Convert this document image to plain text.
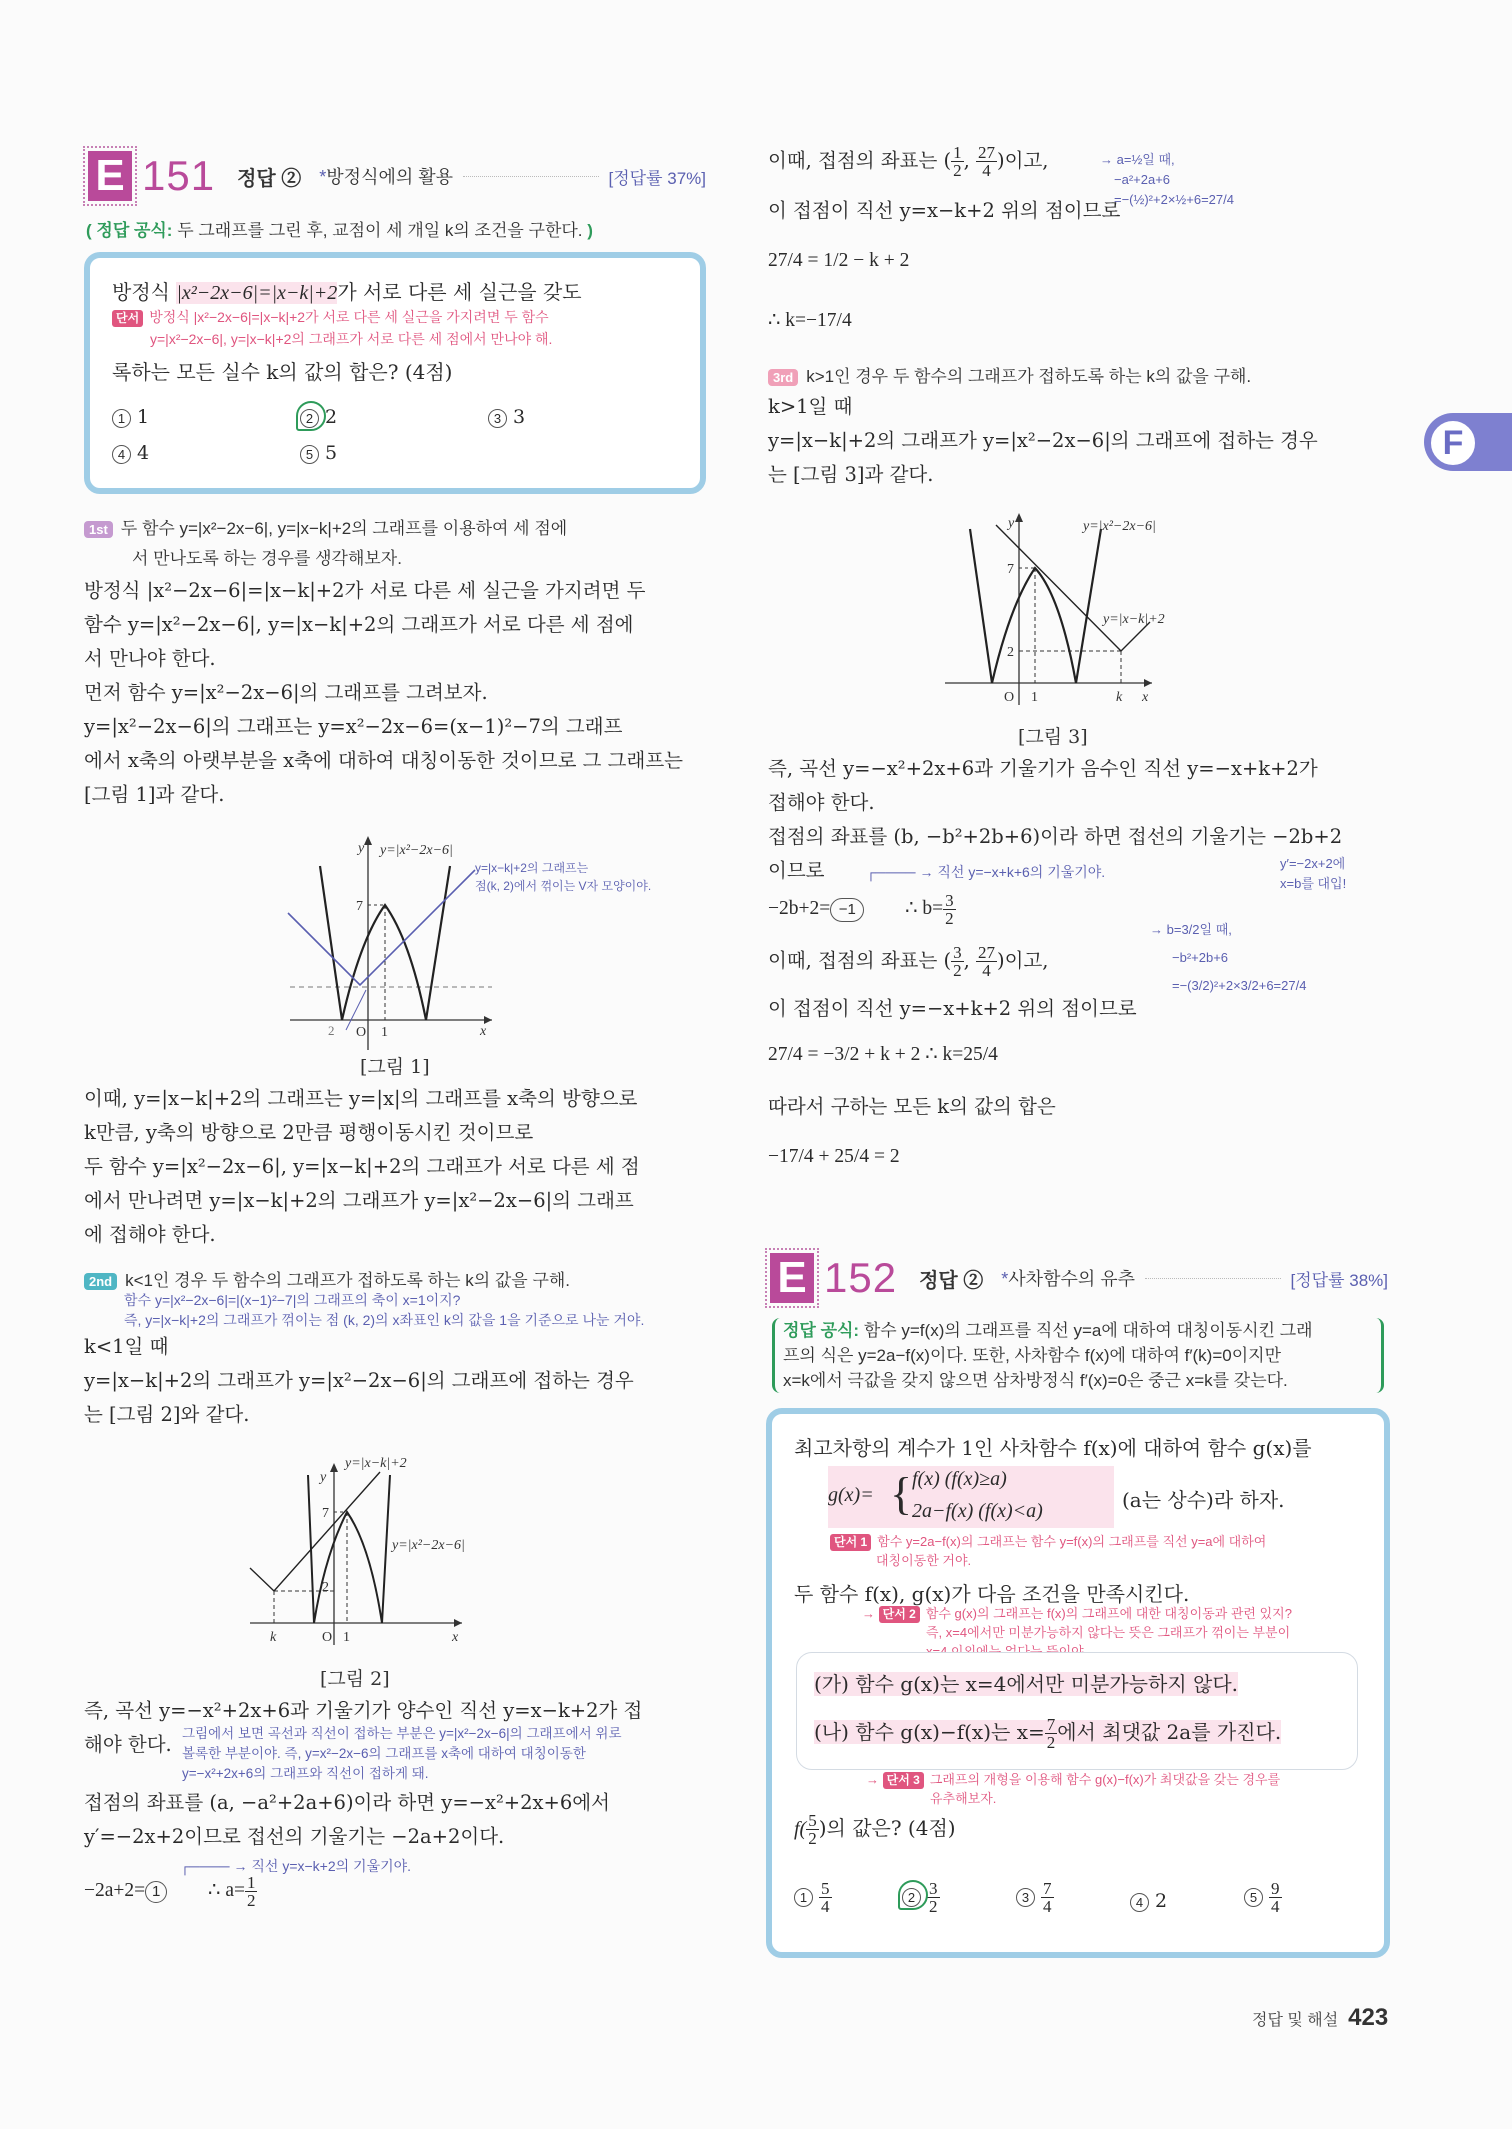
F
E 151 정답 ② *방정식에의 활용	[정답률 37%]
( 정답 공식: 두 그래프를 그린 후, 교점이 세 개일 k의 조건을 구한다. )
방정식 |x²−2x−6|=|x−k|+2가 서로 다른 세 실근을 갖도
단서 방정식 |x²−2x−6|=|x−k|+2가 서로 다른 세 실근을 가지려면 두 함수
y=|x²−2x−6|, y=|x−k|+2의 그래프가 서로 다른 세 점에서 만나야 해.
록하는 모든 실수 k의 값의 합은? (4점)
1 1	2 2	3 3
4 4	5 5
1st 두 함수 y=|x²−2x−6|, y=|x−k|+2의 그래프를 이용하여 세 점에
서 만나도록 하는 경우를 생각해보자.
방정식 |x²−2x−6|=|x−k|+2가 서로 다른 세 실근을 가지려면 두
함수 y=|x²−2x−6|, y=|x−k|+2의 그래프가 서로 다른 세 점에
서 만나야 한다.
먼저 함수 y=|x²−2x−6|의 그래프를 그려보자.
y=|x²−2x−6|의 그래프는 y=x²−2x−6=(x−1)²−7의 그래프
에서 x축의 아랫부분을 x축에 대하여 대칭이동한 것이므로 그 그래프는
[그림 1]과 같다.
y y=|x²−2x−6|
y=|x−k|+2의 그래프는
점(k, 2)에서 꺾이는 V자 모양이야.
7
2 O 1	x
[그림 1]
이때, y=|x−k|+2의 그래프는 y=|x|의 그래프를 x축의 방향으로
k만큼, y축의 방향으로 2만큼 평행이동시킨 것이므로
두 함수 y=|x²−2x−6|, y=|x−k|+2의 그래프가 서로 다른 세 점
에서 만나려면 y=|x−k|+2의 그래프가 y=|x²−2x−6|의 그래프
에 접해야 한다.
2nd k<1인 경우 두 함수의 그래프가 접하도록 하는 k의 값을 구해.
함수 y=|x²−2x−6|=|(x−1)²−7|의 그래프의 축이 x=1이지?
즉, y=|x−k|+2의 그래프가 꺾이는 점 (k, 2)의 x좌표인 k의 값을 1을 기준으로 나눈 거야.
k<1일 때
y=|x−k|+2의 그래프가 y=|x²−2x−6|의 그래프에 접하는 경우
는 [그림 2]와 같다.
y
y=|x−k|+2
y=|x²−2x−6|
7
2
k	O 1	x
[그림 2]
즉, 곡선 y=−x²+2x+6과 기울기가 양수인 직선 y=x−k+2가 접
해야 한다. 그림에서 보면 곡선과 직선이 접하는 부분은 y=|x²−2x−6|의 그래프에서 위로
볼록한 부분이야. 즉, y=x²−2x−6의 그래프를 x축에 대하여 대칭이동한
y=−x²+2x+6의 그래프와 직선이 접하게 돼.
접점의 좌표를 (a, −a²+2a+6)이라 하면 y=−x²+2x+6에서
y′=−2x+2이므로 접선의 기울기는 −2a+2이다.
┌──── → 직선 y=x−k+2의 기울기야.
−2a+2= 1 ∴ $a= \frac{1}{2}$
이때, 접점의 좌표는 ( $\frac{1}{2}$ , $\frac{27}{4}$ )이고,	→ a=½일 때,
−a²+2a+6
=−(½)²+2×½+6=27/4
이 접점이 직선 y=x−k+2 위의 점이므로
27/4 = 1/2 − k + 2
∴ k=−17/4
3rd k>1인 경우 두 함수의 그래프가 접하도록 하는 k의 값을 구해.
k>1일 때
y=|x−k|+2의 그래프가 y=|x²−2x−6|의 그래프에 접하는 경우
는 [그림 3]과 같다.
y	y=|x²−2x−6|
y=|x−k|+2
7
2
O 1	k x
[그림 3]
즉, 곡선 y=−x²+2x+6과 기울기가 음수인 직선 y=−x+k+2가
접해야 한다.
접점의 좌표를 (b, −b²+2b+6)이라 하면 접선의 기울기는 −2b+2
이므로	y′=−2x+2에
x=b를 대입!
┌──── → 직선 y=−x+k+6의 기울기야.
−2b+2= −1	∴ $b= \frac{3}{2}$
이때, 접점의 좌표는 ( $\frac{3}{2}$ , $\frac{27}{4}$ )이고,
→ b=3/2일 때,
−b²+2b+6
=−(3/2)²+2×3/2+6=27/4
이 접점이 직선 y=−x+k+2 위의 점이므로
27/4 = −3/2 + k + 2 ∴ k=25/4
따라서 구하는 모든 k의 값의 합은
−17/4 + 25/4 = 2
E 152 정답 ② *사차함수의 유추	[정답률 38%]
정답 공식: 함수 y=f(x)의 그래프를 직선 y=a에 대하여 대칭이동시킨 그래
프의 식은 y=2a−f(x)이다. 또한, 사차함수 f(x)에 대하여 f′(k)=0이지만
x=k에서 극값을 갖지 않으면 삼차방정식 f′(x)=0은 중근 x=k를 갖는다.
최고차항의 계수가 1인 사차함수 f(x)에 대하여 함수 g(x)를
g(x)= { f(x) (f(x)≥a)
2a−f(x) (f(x)<a)	(a는 상수)라 하자.
단서 1 함수 y=2a−f(x)의 그래프는 함수 y=f(x)의 그래프를 직선 y=a에 대하여
대칭이동한 거야.
두 함수 f(x), g(x)가 다음 조건을 만족시킨다.
→ 단서 2 함수 g(x)의 그래프는 f(x)의 그래프에 대한 대칭이동과 관련 있지?
즉, x=4에서만 미분가능하지 않다는 뜻은 그래프가 꺾이는 부분이

(가) 함수 g(x)는 x=4에서만 미분가능하지 않다.
(나) 함수 g(x)−f(x)는 $x= \frac{7}{2}$ 에서 최댓값 2a를 가진다.
→ 단서 3 그래프의 개형을 이용해 함수 g(x)−f(x)가 최댓값을 갖는 경우를
유추해보자.
$f( \frac{5}{2}$ )의 값은? (4점)
$1 \frac{5}{4}$	$2 \frac{3}{2}$	$3 \frac{7}{4}$	4 2	$5 \frac{9}{4}$
정답 및 해설 423
